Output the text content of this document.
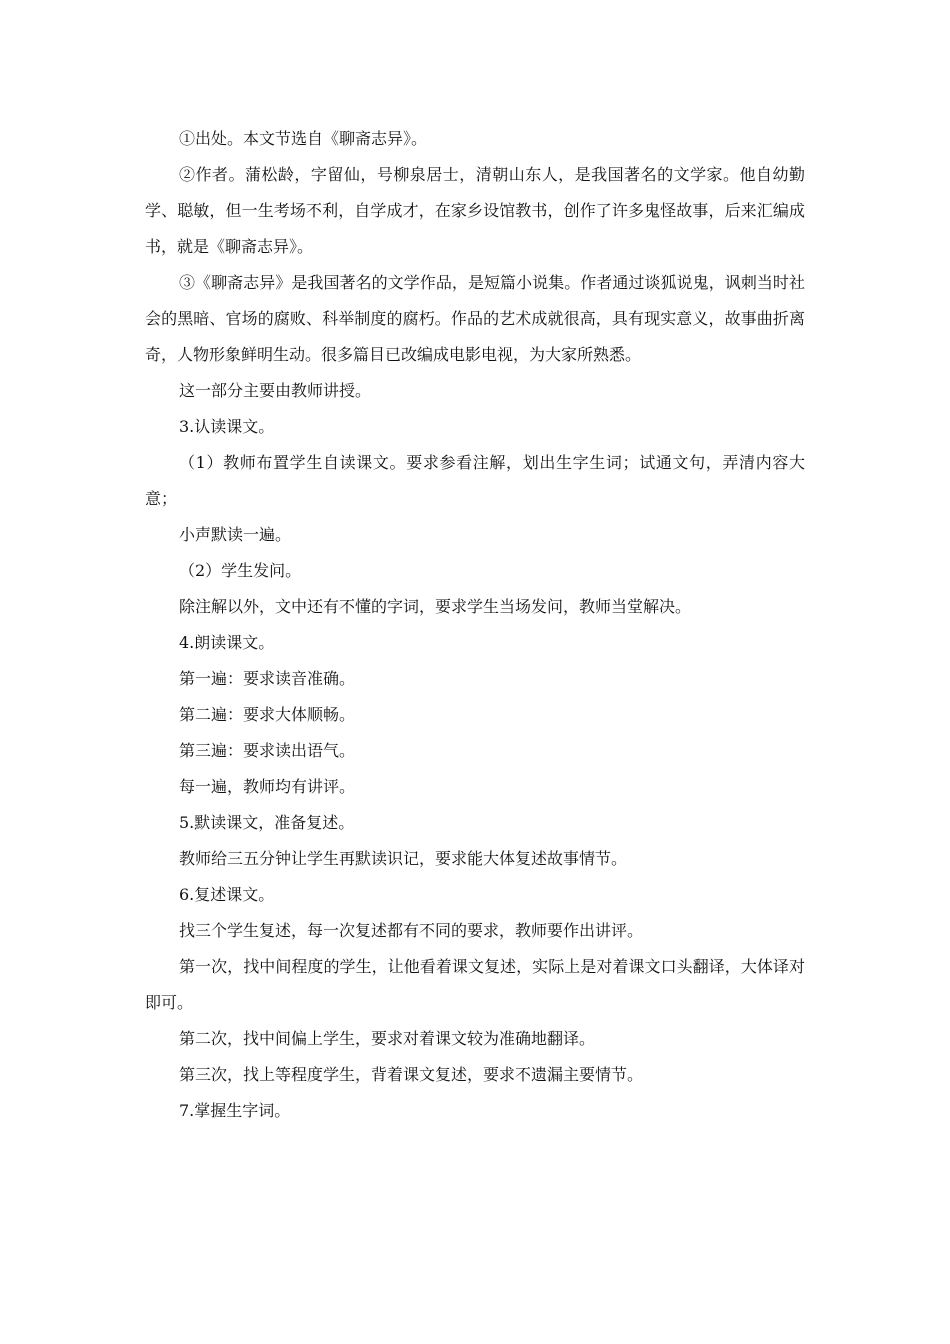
①出处。本文节选自《聊斋志异》。

②作者。蒲松龄，字留仙，号柳泉居士，清朝山东人，是我国著名的文学家。他自幼勤学、聪敏，但一生考场不利，自学成才，在家乡设馆教书，创作了许多鬼怪故事，后来汇编成书，就是《聊斋志异》。

③《聊斋志异》是我国著名的文学作品，是短篇小说集。作者通过谈狐说鬼，讽刺当时社会的黑暗、官场的腐败、科举制度的腐朽。作品的艺术成就很高，具有现实意义，故事曲折离奇，人物形象鲜明生动。很多篇目已改编成电影电视，为大家所熟悉。

这一部分主要由教师讲授。

3.认读课文。

（1）教师布置学生自读课文。要求参看注解，划出生字生词；试通文句，弄清内容大意；

小声默读一遍。

（2）学生发问。

除注解以外，文中还有不懂的字词，要求学生当场发问，教师当堂解决。

4.朗读课文。

第一遍：要求读音准确。

第二遍：要求大体顺畅。

第三遍：要求读出语气。

每一遍，教师均有讲评。

5.默读课文，准备复述。

教师给三五分钟让学生再默读识记，要求能大体复述故事情节。

6.复述课文。

找三个学生复述，每一次复述都有不同的要求，教师要作出讲评。

第一次，找中间程度的学生，让他看着课文复述，实际上是对着课文口头翻译，大体译对即可。

第二次，找中间偏上学生，要求对着课文较为准确地翻译。

第三次，找上等程度学生，背着课文复述，要求不遗漏主要情节。

7.掌握生字词。
